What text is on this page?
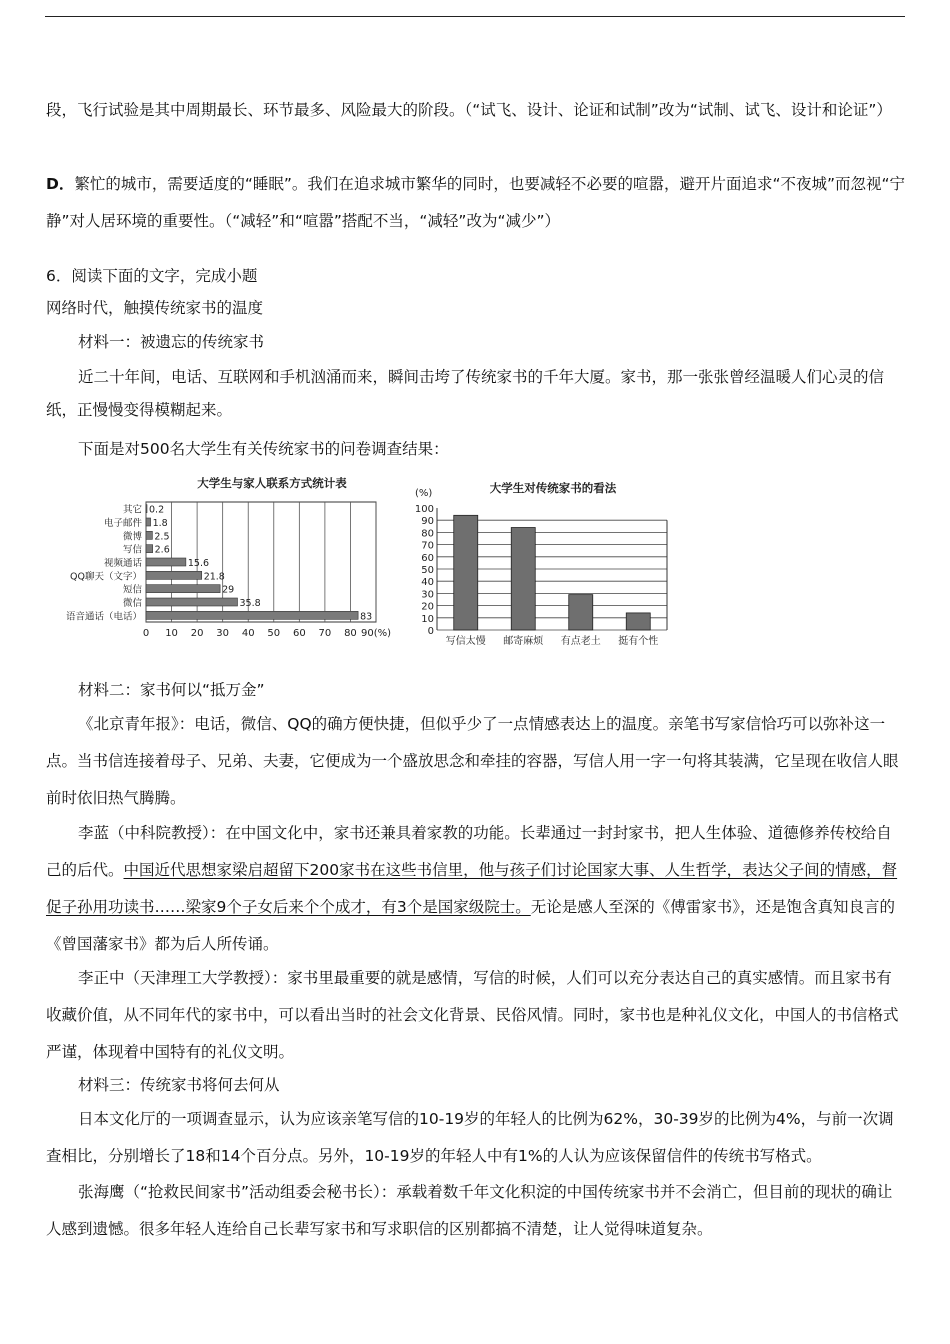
段，飞行试验是其中周期最长、环节最多、风险最大的阶段。（“试飞、设计、论证和试制”改为“试制、试飞、设计和论证”）

D．繁忙的城市，需要适度的“睡眠”。我们在追求城市繁华的同时，也要减轻不必要的喧嚣，避开片面追求“不夜城”而忽视“宁静”对人居环境的重要性。（“减轻”和“喧嚣”搭配不当，“减轻”改为“减少”）

6．阅读下面的文字，完成小题

网络时代，触摸传统家书的温度

材料一：被遗忘的传统家书

近二十年间，电话、互联网和手机汹涌而来，瞬间击垮了传统家书的千年大厦。家书，那一张张曾经温暖人们心灵的信纸，正慢慢变得模糊起来。

下面是对500名大学生有关传统家书的问卷调查结果：

大学生与家人联系方式统计表
其它
电子邮件
微博
写信
视频通话
QQ聊天（文字）
短信
微信
语音通话（电话）
0.2
1.8
2.5
2.6
15.6
21.8
29
35.8
83
0 10 20 30 40 50 60 70 80 90(%)
大学生对传统家书的看法
(%)
0
10
20
30
40
50
60
70
80
90
100
写信太慢 邮寄麻烦 有点老土 挺有个性

材料二：家书何以“抵万金”

《北京青年报》：电话，微信、QQ的确方便快捷，但似乎少了一点情感表达上的温度。亲笔书写家信恰巧可以弥补这一点。当书信连接着母子、兄弟、夫妻，它便成为一个盛放思念和牵挂的容器，写信人用一字一句将其装满，它呈现在收信人眼前时依旧热气腾腾。

李蓝（中科院教授）：在中国文化中，家书还兼具着家教的功能。长辈通过一封封家书，把人生体验、道德修养传校给自己的后代。中国近代思想家梁启超留下200家书在这些书信里，他与孩子们讨论国家大事、人生哲学，表达父子间的情感，督促子孙用功读书……梁家9个子女后来个个成才，有3个是国家级院士。无论是感人至深的《傅雷家书》，还是饱含真知良言的《曾国藩家书》都为后人所传诵。

李正中（天津理工大学教授）：家书里最重要的就是感情，写信的时候，人们可以充分表达自己的真实感情。而且家书有收藏价值，从不同年代的家书中，可以看出当时的社会文化背景、民俗风情。同时，家书也是种礼仪文化，中国人的书信格式严谨，体现着中国特有的礼仪文明。

材料三：传统家书将何去何从

日本文化厅的一项调查显示，认为应该亲笔写信的10-19岁的年轻人的比例为62%，30-39岁的比例为4%，与前一次调查相比，分别增长了18和14个百分点。另外，10-19岁的年轻人中有1%的人认为应该保留信件的传统书写格式。

张海鹰（“抢救民间家书”活动组委会秘书长）：承载着数千年文化积淀的中国传统家书并不会消亡，但目前的现状的确让人感到遗憾。很多年轻人连给自己长辈写家书和写求职信的区别都搞不清楚，让人觉得味道复杂。
